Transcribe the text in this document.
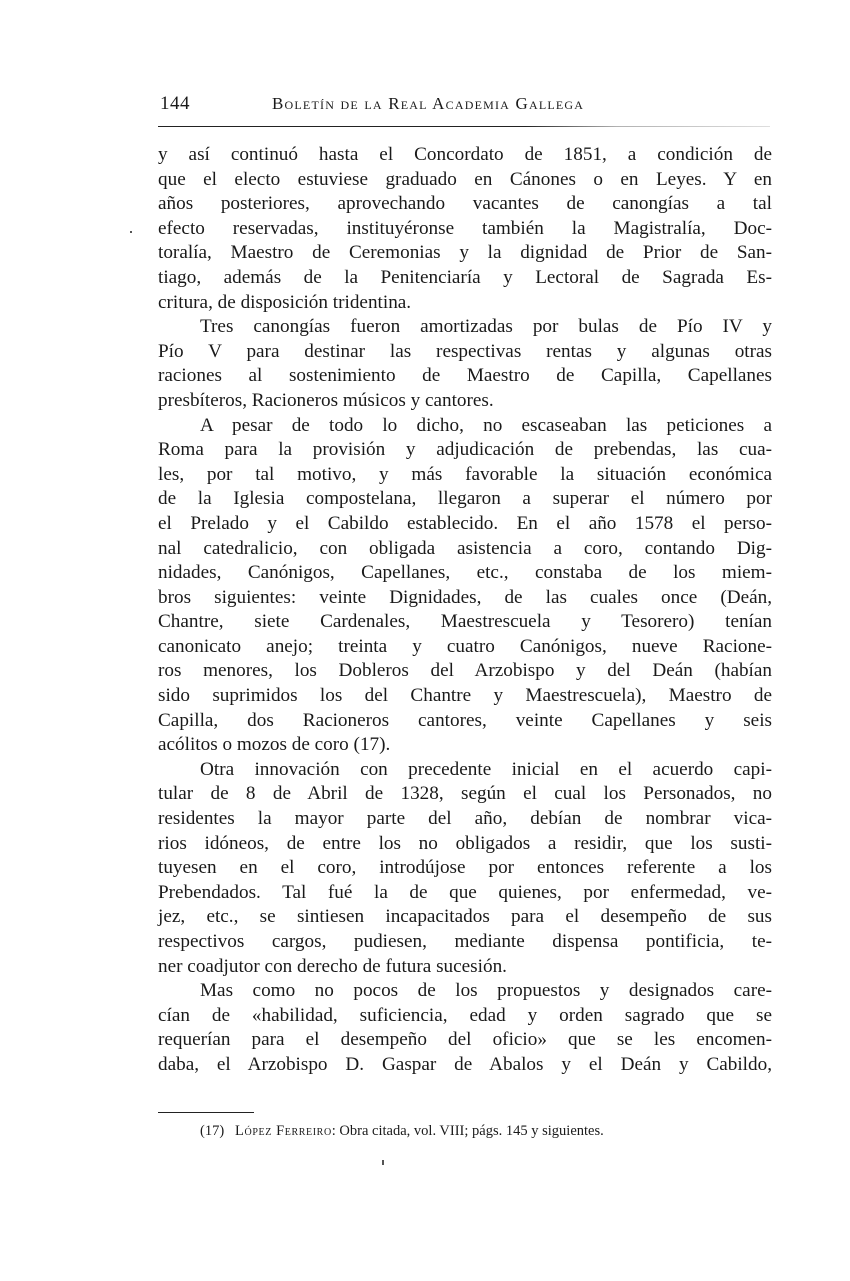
144	Boletín de la Real Academia Gallega
y así continuó hasta el Concordato de 1851, a condición de
que el electo estuviese graduado en Cánones o en Leyes. Y en
años posteriores, aprovechando vacantes de canongías a tal
efecto reservadas, instituyéronse también la Magistralía, Doc-
toralía, Maestro de Ceremonias y la dignidad de Prior de San-
tiago, además de la Penitenciaría y Lectoral de Sagrada Es-
critura, de disposición tridentina.
Tres canongías fueron amortizadas por bulas de Pío IV y
Pío V para destinar las respectivas rentas y algunas otras
raciones al sostenimiento de Maestro de Capilla, Capellanes
presbíteros, Racioneros músicos y cantores.
A pesar de todo lo dicho, no escaseaban las peticiones a
Roma para la provisión y adjudicación de prebendas, las cua-
les, por tal motivo, y más favorable la situación económica
de la Iglesia compostelana, llegaron a superar el número por
el Prelado y el Cabildo establecido. En el año 1578 el perso-
nal catedralicio, con obligada asistencia a coro, contando Dig-
nidades, Canónigos, Capellanes, etc., constaba de los miem-
bros siguientes: veinte Dignidades, de las cuales once (Deán,
Chantre, siete Cardenales, Maestrescuela y Tesorero) tenían
canonicato anejo; treinta y cuatro Canónigos, nueve Racione-
ros menores, los Dobleros del Arzobispo y del Deán (habían
sido suprimidos los del Chantre y Maestrescuela), Maestro de
Capilla, dos Racioneros cantores, veinte Capellanes y seis
acólitos o mozos de coro (17).
Otra innovación con precedente inicial en el acuerdo capi-
tular de 8 de Abril de 1328, según el cual los Personados, no
residentes la mayor parte del año, debían de nombrar vica-
rios idóneos, de entre los no obligados a residir, que los susti-
tuyesen en el coro, introdújose por entonces referente a los
Prebendados. Tal fué la de que quienes, por enfermedad, ve-
jez, etc., se sintiesen incapacitados para el desempeño de sus
respectivos cargos, pudiesen, mediante dispensa pontificia, te-
ner coadjutor con derecho de futura sucesión.
Mas como no pocos de los propuestos y designados care-
cían de «habilidad, suficiencia, edad y orden sagrado que se
requerían para el desempeño del oficio» que se les encomen-
daba, el Arzobispo D. Gaspar de Abalos y el Deán y Cabildo,
(17) López Ferreiro: Obra citada, vol. VIII; págs. 145 y siguientes.
